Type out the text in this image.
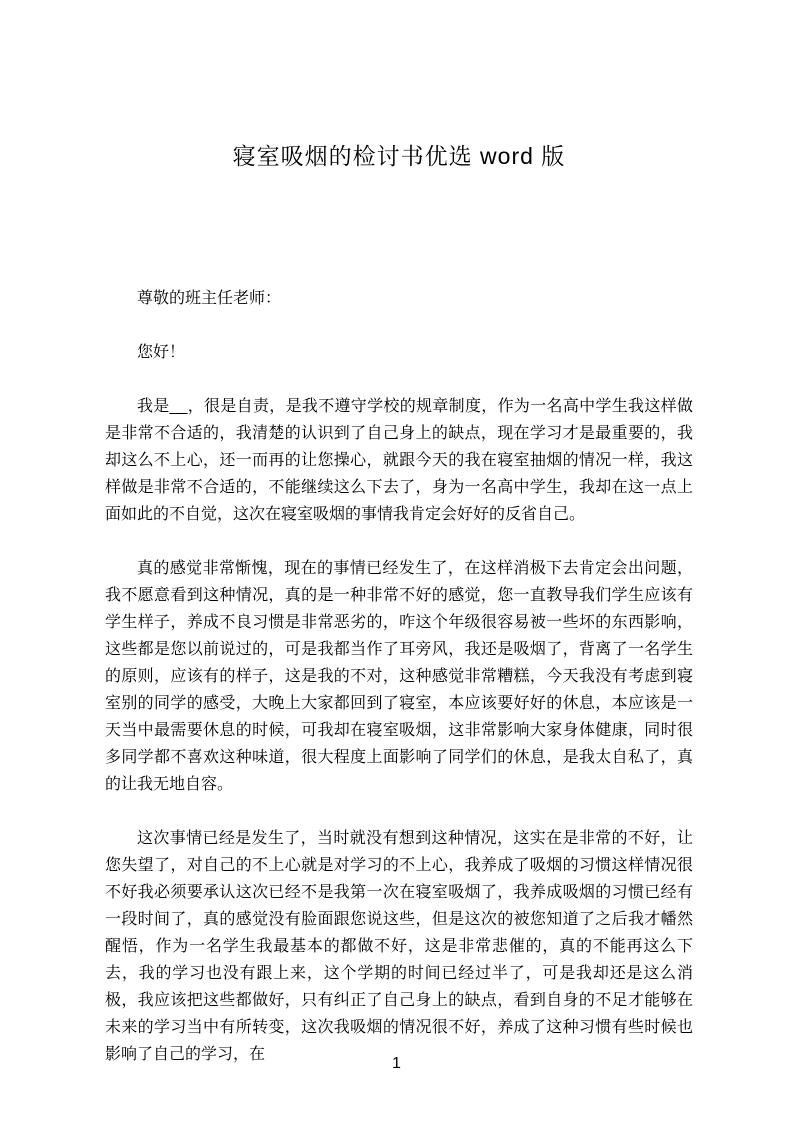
寝室吸烟的检讨书优选 word 版

尊敬的班主任老师：

您好！

我是__，很是自责，是我不遵守学校的规章制度，作为一名高中学生我这样做是非常不合适的，我清楚的认识到了自己身上的缺点，现在学习才是最重要的，我却这么不上心，还一而再的让您操心，就跟今天的我在寝室抽烟的情况一样，我这样做是非常不合适的，不能继续这么下去了，身为一名高中学生，我却在这一点上面如此的不自觉，这次在寝室吸烟的事情我肯定会好好的反省自己。

真的感觉非常惭愧，现在的事情已经发生了，在这样消极下去肯定会出问题，我不愿意看到这种情况，真的是一种非常不好的感觉，您一直教导我们学生应该有学生样子，养成不良习惯是非常恶劣的，咋这个年级很容易被一些坏的东西影响，这些都是您以前说过的，可是我都当作了耳旁风，我还是吸烟了，背离了一名学生的原则，应该有的样子，这是我的不对，这种感觉非常糟糕，今天我没有考虑到寝室别的同学的感受，大晚上大家都回到了寝室，本应该要好好的休息，本应该是一天当中最需要休息的时候，可我却在寝室吸烟，这非常影响大家身体健康，同时很多同学都不喜欢这种味道，很大程度上面影响了同学们的休息，是我太自私了，真的让我无地自容。

这次事情已经是发生了，当时就没有想到这种情况，这实在是非常的不好，让您失望了，对自己的不上心就是对学习的不上心，我养成了吸烟的习惯这样情况很不好我必须要承认这次已经不是我第一次在寝室吸烟了，我养成吸烟的习惯已经有一段时间了，真的感觉没有脸面跟您说这些，但是这次的被您知道了之后我才幡然醒悟，作为一名学生我最基本的都做不好，这是非常悲催的，真的不能再这么下去，我的学习也没有跟上来，这个学期的时间已经过半了，可是我却还是这么消极，我应该把这些都做好，只有纠正了自己身上的缺点，看到自身的不足才能够在未来的学习当中有所转变，这次我吸烟的情况很不好，养成了这种习惯有些时候也影响了自己的学习，在

1
